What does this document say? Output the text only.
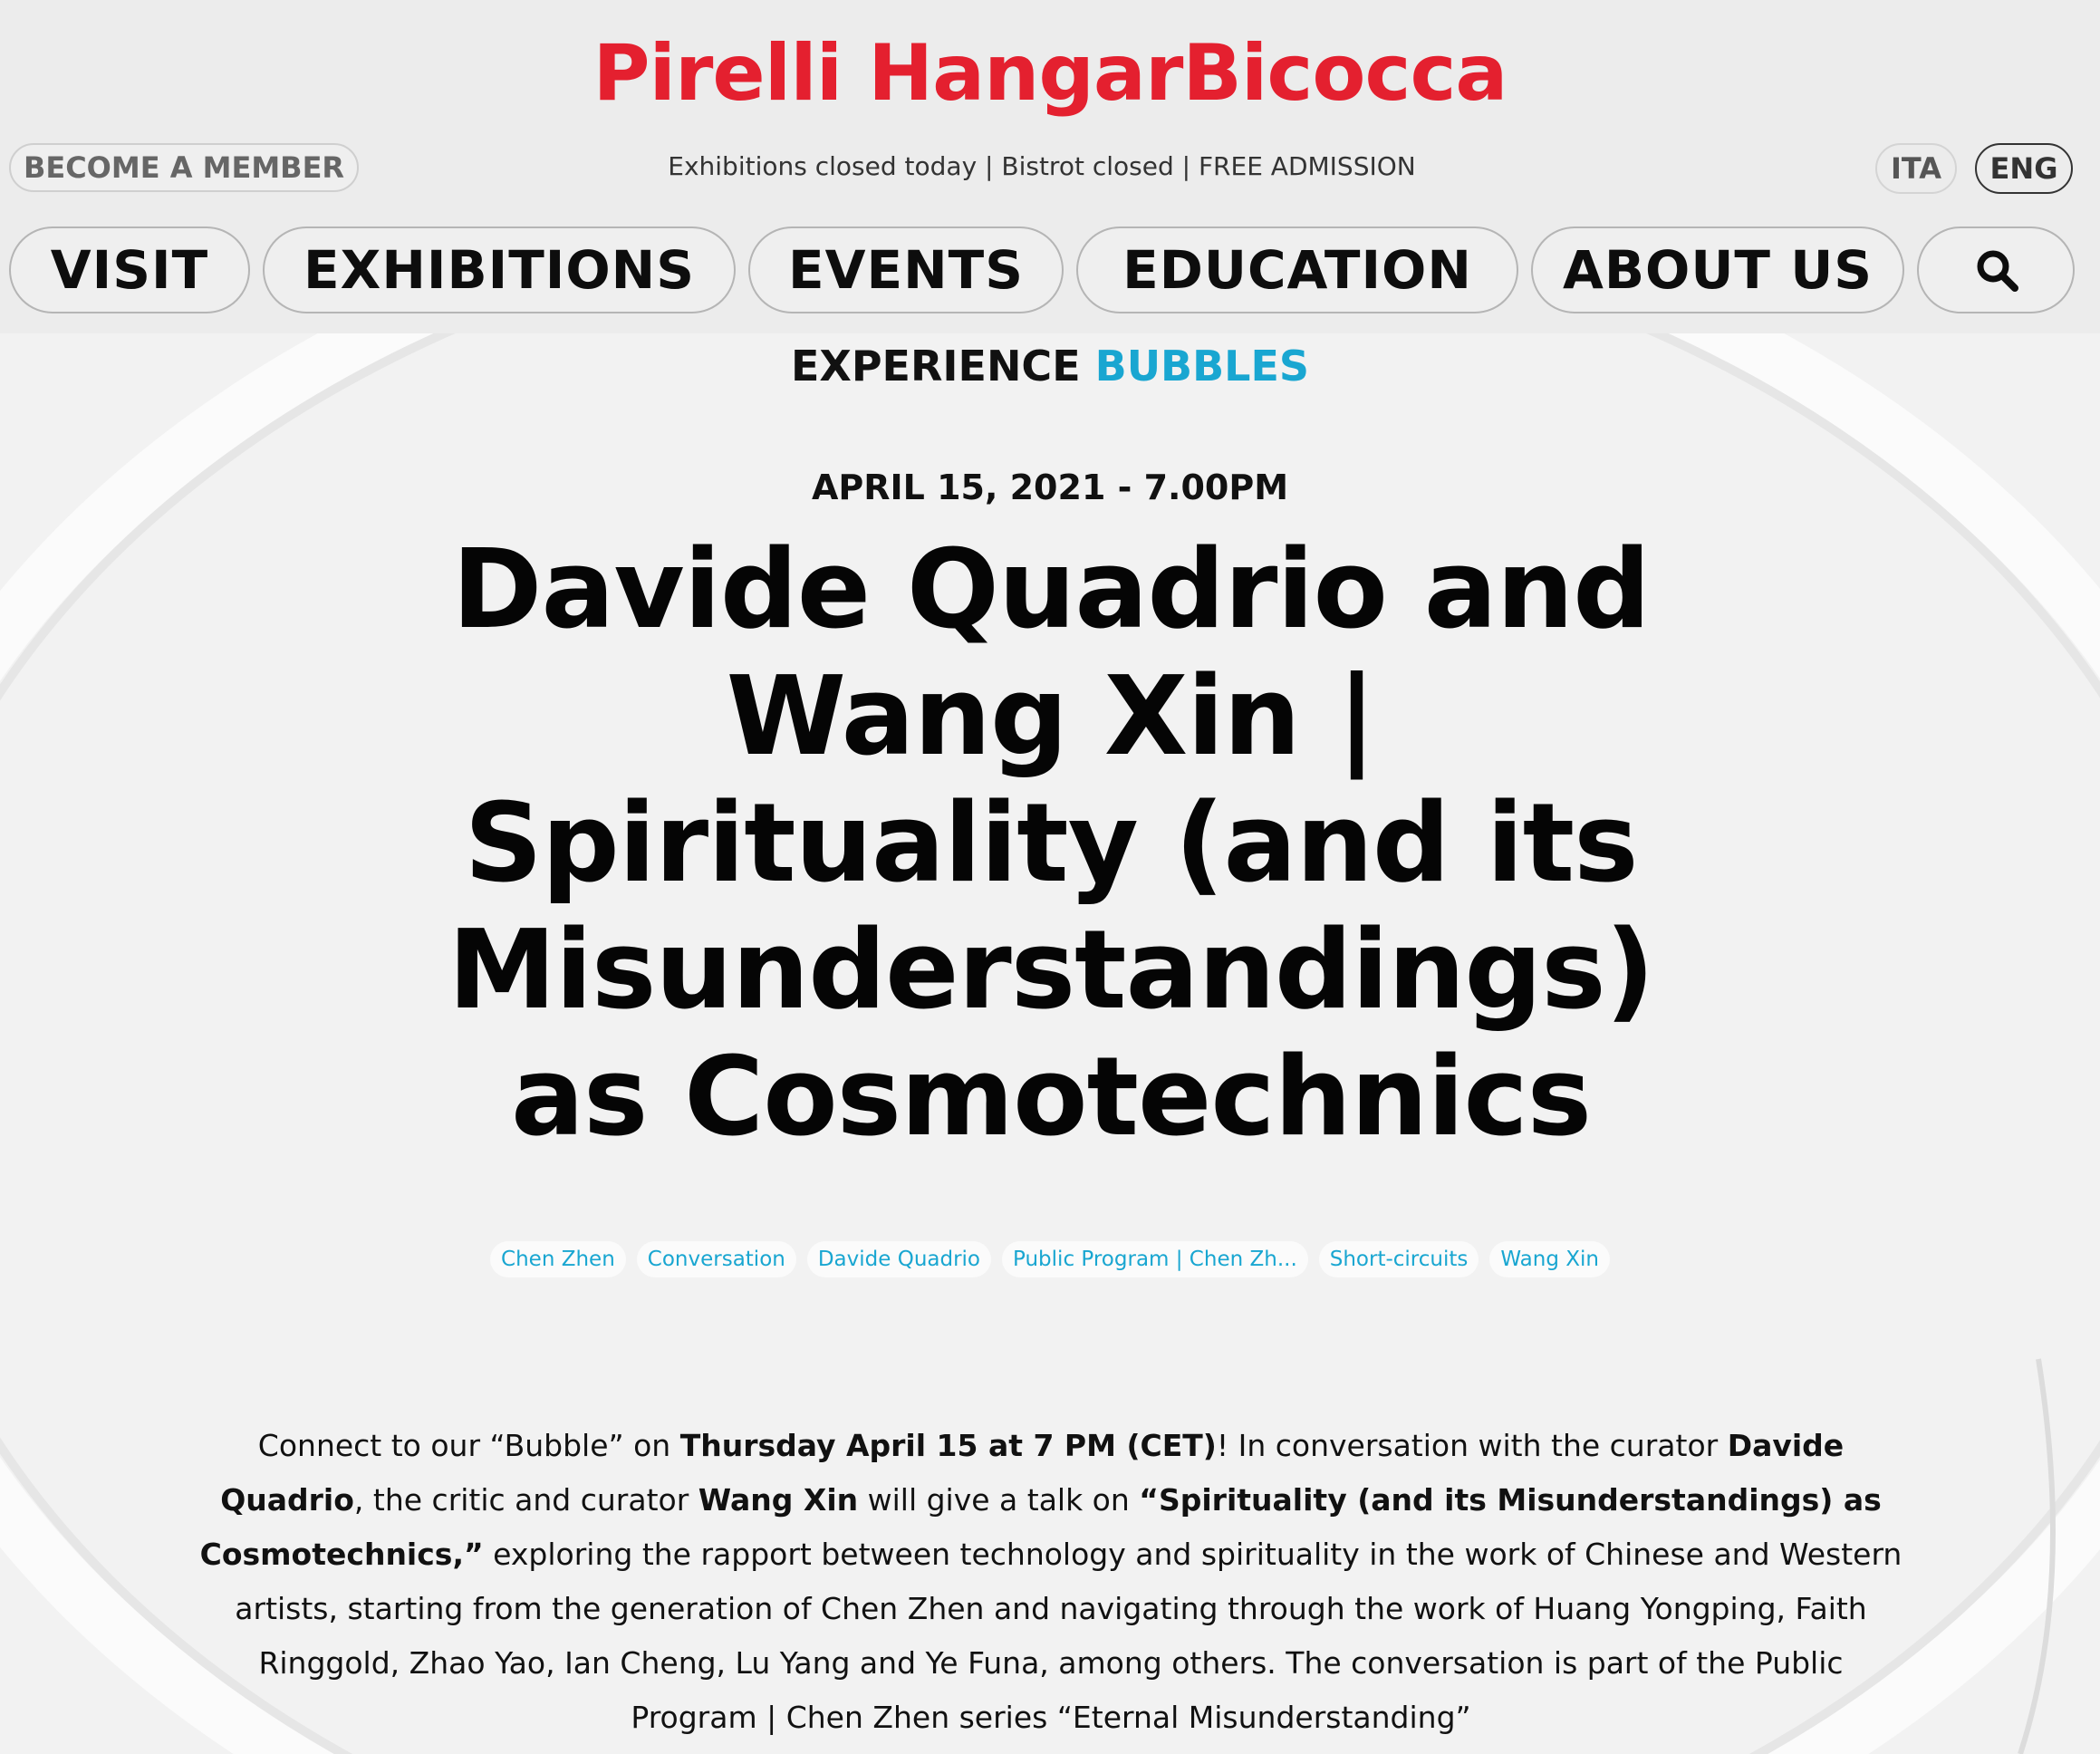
Pirelli HangarBicocca
BECOME A MEMBER	Exhibitions closed today | Bistrot closed | FREE ADMISSION	ITA	ENG
VISIT	EXHIBITIONS	EVENTS	EDUCATION	ABOUT US
EXPERIENCE BUBBLES
APRIL 15, 2021 - 7.00PM
Davide Quadrio and Wang Xin | Spirituality (and its Misunderstandings) as Cosmotechnics
Chen Zhen Conversation Davide Quadrio Public Program | Chen Zh... Short-circuits Wang Xin

Connect to our “Bubble” on Thursday April 15 at 7 PM (CET)! In conversation with the curator Davide Quadrio, the critic and curator Wang Xin will give a talk on “Spirituality (and its Misunderstandings) as Cosmotechnics,” exploring the rapport between technology and spirituality in the work of Chinese and Western artists, starting from the generation of Chen Zhen and navigating through the work of Huang Yongping, Faith Ringgold, Zhao Yao, Ian Cheng, Lu Yang and Ye Funa, among others. The conversation is part of the Public Program | Chen Zhen series “Eternal Misunderstanding”
